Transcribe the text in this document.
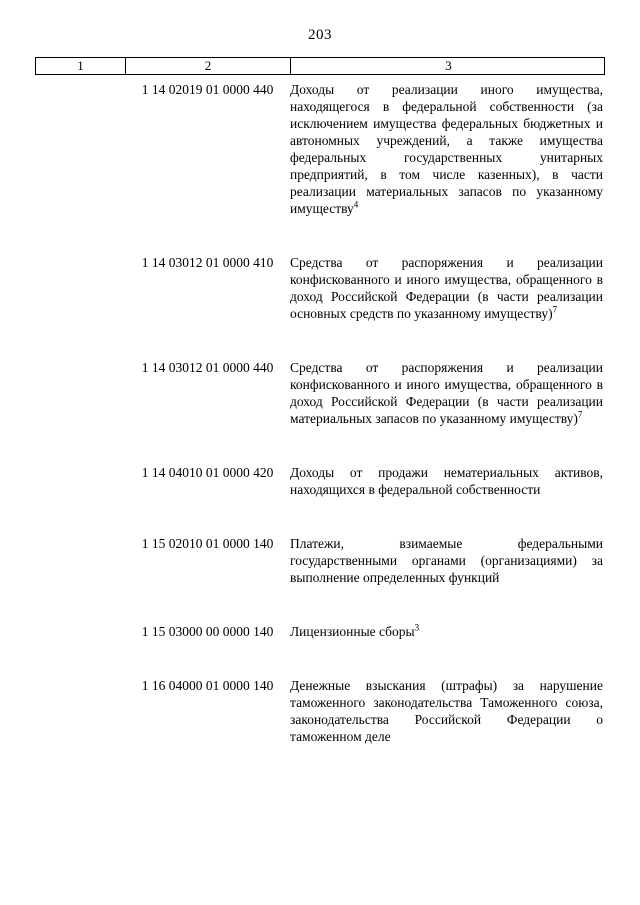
203
1	2	3
1 14 02019 01 0000 440	Доходы от реализации иного имущества, находящегося в федеральной собственности (за исключением имущества федеральных бюджетных и автономных учреждений, а также имущества федеральных государственных унитарных предприятий, в том числе казенных), в части реализации материальных запасов по указанному имуществу$^4$
1 14 03012 01 0000 410	Средства от распоряжения и реализации конфискованного и иного имущества, обращенного в доход Российской Федерации (в части реализации основных средств по указанному имуществу)$^7$
1 14 03012 01 0000 440	Средства от распоряжения и реализации конфискованного и иного имущества, обращенного в доход Российской Федерации (в части реализации материальных запасов по указанному имуществу)$^7$
1 14 04010 01 0000 420	Доходы от продажи нематериальных активов, находящихся в федеральной собственности
1 15 02010 01 0000 140	Платежи, взимаемые федеральными государственными органами (организациями) за выполнение определенных функций
1 15 03000 00 0000 140	Лицензионные сборы$^3$
1 16 04000 01 0000 140	Денежные взыскания (штрафы) за нарушение таможенного законодательства Таможенного союза, законодательства Российской Федерации о таможенном деле
